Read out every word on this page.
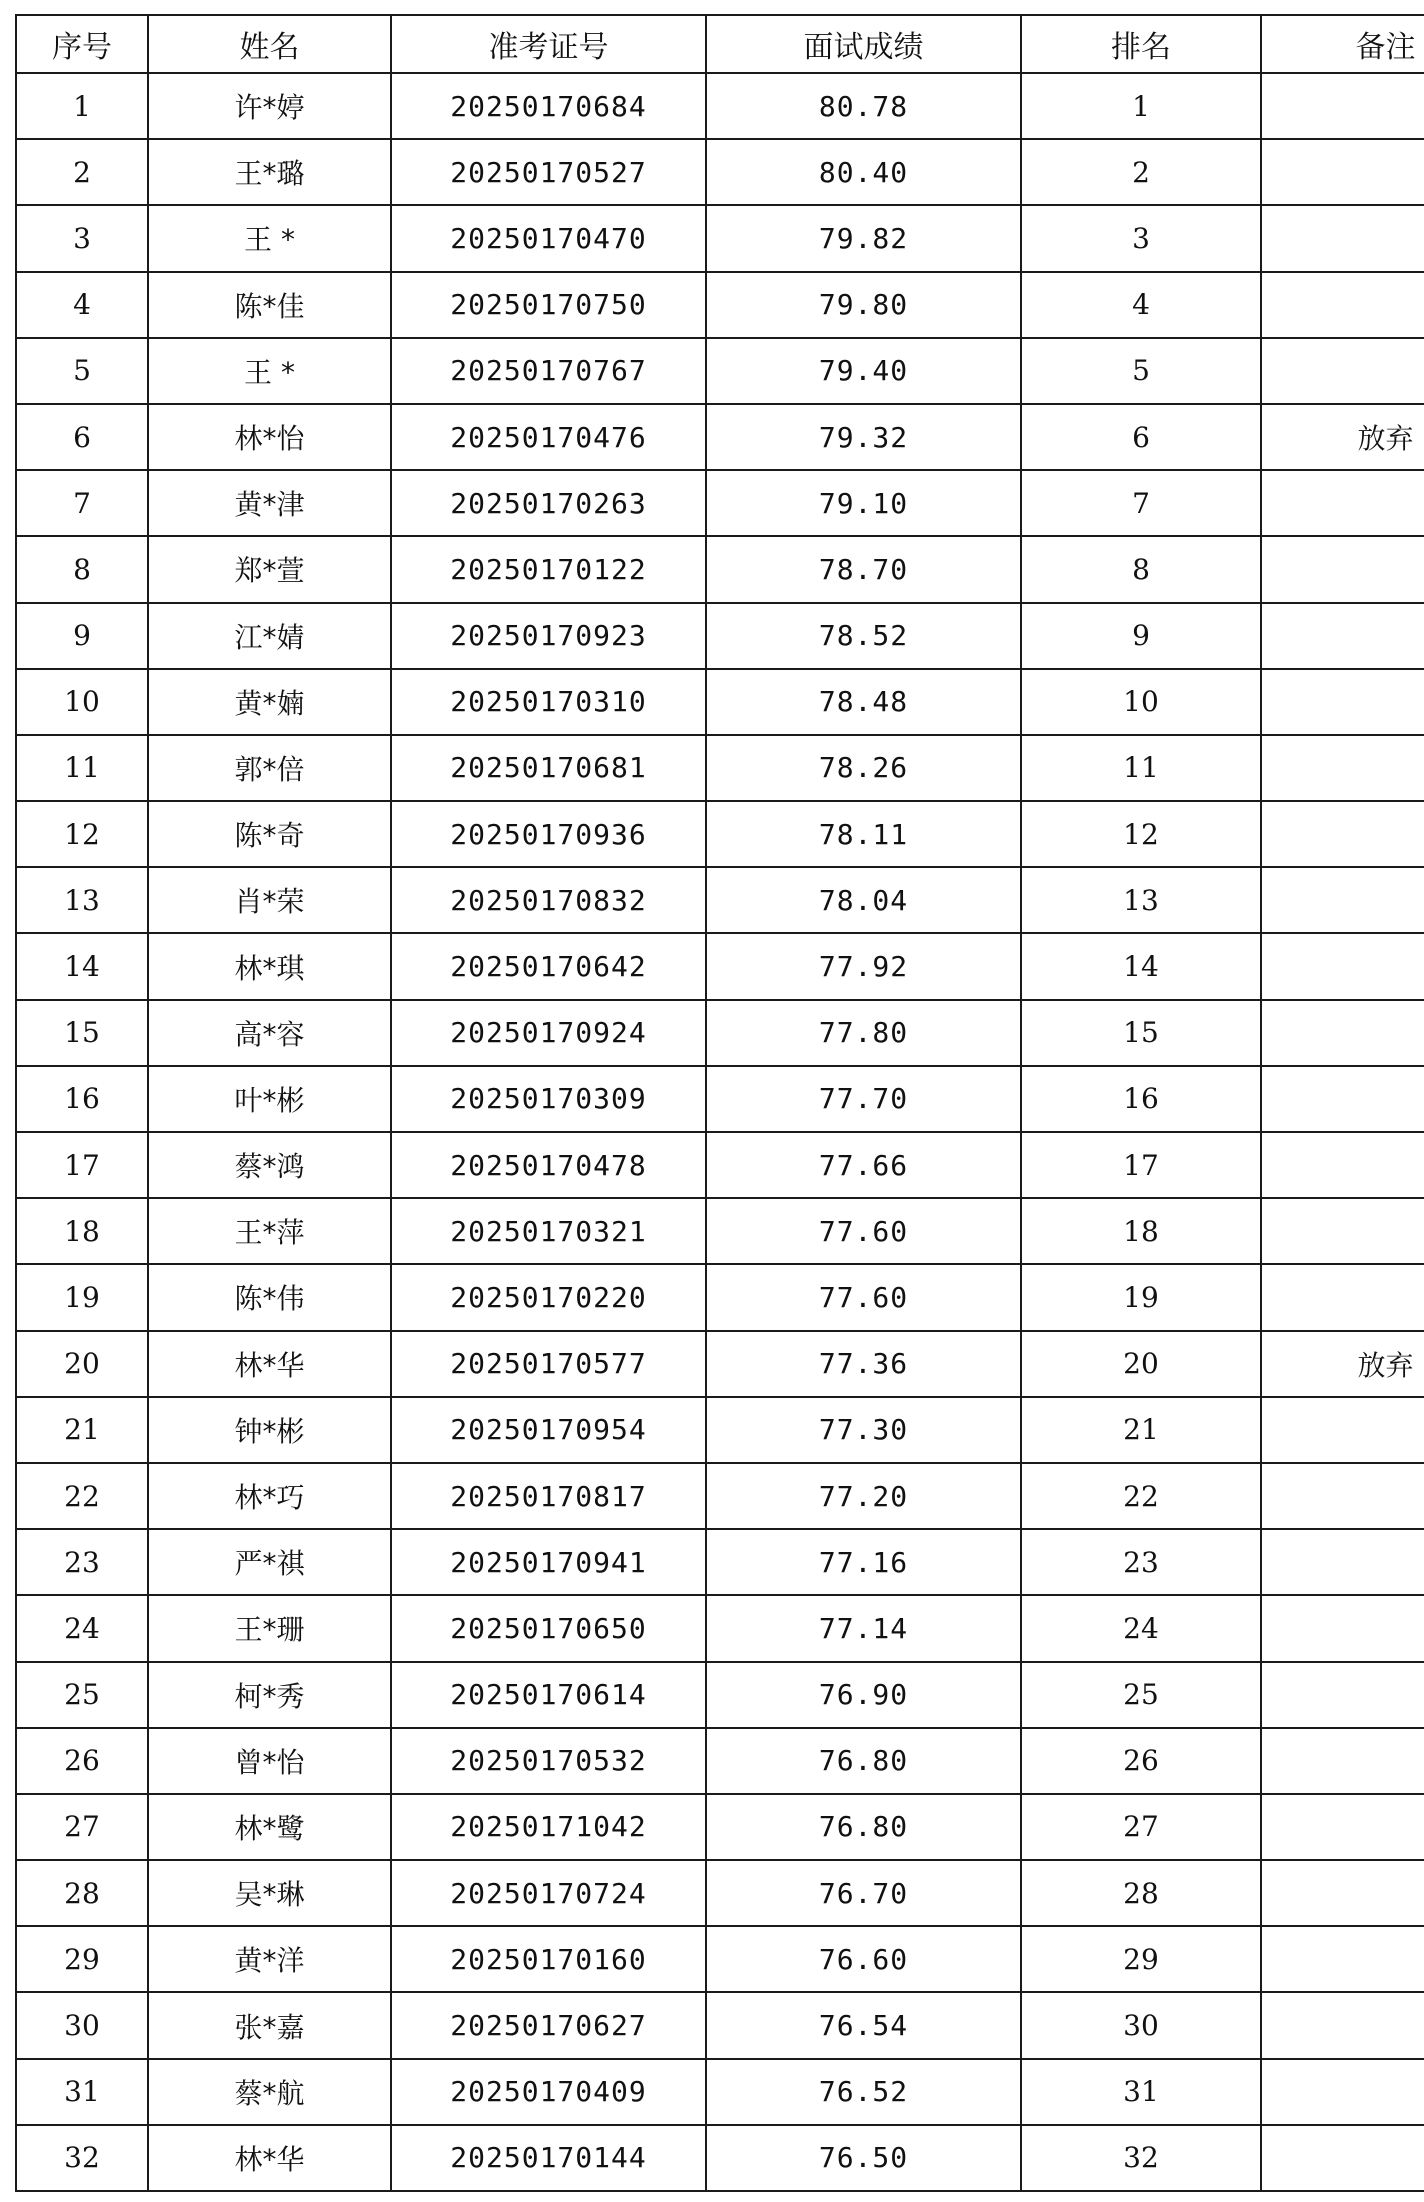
序号	姓名	准考证号	面试成绩	排名	备注
1	许*婷	20250170684	80.78	1	
2	王*璐	20250170527	80.40	2	
3	王 *	20250170470	79.82	3	
4	陈*佳	20250170750	79.80	4	
5	王 *	20250170767	79.40	5	
6	林*怡	20250170476	79.32	6	放弃
7	黄*津	20250170263	79.10	7	
8	郑*萱	20250170122	78.70	8	
9	江*婧	20250170923	78.52	9	
10	黄*婻	20250170310	78.48	10	
11	郭*倍	20250170681	78.26	11	
12	陈*奇	20250170936	78.11	12	
13	肖*荣	20250170832	78.04	13	
14	林*琪	20250170642	77.92	14	
15	高*容	20250170924	77.80	15	
16	叶*彬	20250170309	77.70	16	
17	蔡*鸿	20250170478	77.66	17	
18	王*萍	20250170321	77.60	18	
19	陈*伟	20250170220	77.60	19	
20	林*华	20250170577	77.36	20	放弃
21	钟*彬	20250170954	77.30	21	
22	林*巧	20250170817	77.20	22	
23	严*祺	20250170941	77.16	23	
24	王*珊	20250170650	77.14	24	
25	柯*秀	20250170614	76.90	25	
26	曾*怡	20250170532	76.80	26	
27	林*鹭	20250171042	76.80	27	
28	吴*琳	20250170724	76.70	28	
29	黄*洋	20250170160	76.60	29	
30	张*嘉	20250170627	76.54	30	
31	蔡*航	20250170409	76.52	31	
32	林*华	20250170144	76.50	32	
